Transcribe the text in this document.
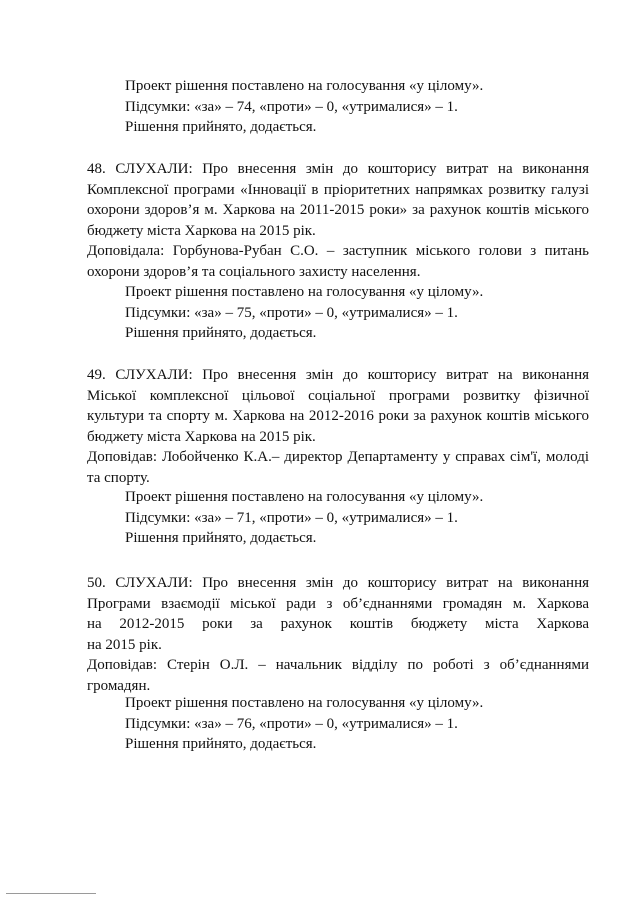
Проект рішення поставлено на голосування «у цілому».
Підсумки: «за» – 74, «проти» – 0, «утрималися» – 1.
Рішення прийнято, додається.
48. СЛУХАЛИ: Про внесення змін до кошторису витрат на виконання
Комплексної програми «Інновації в пріоритетних напрямках розвитку галузі
охорони здоров’я м. Харкова на 2011-2015 роки» за рахунок коштів міського
бюджету міста Харкова на 2015 рік.
Доповідала: Горбунова-Рубан С.О. – заступник міського голови з питань
охорони здоров’я та соціального захисту населення.
Проект рішення поставлено на голосування «у цілому».
Підсумки: «за» – 75, «проти» – 0, «утрималися» – 1.
Рішення прийнято, додається.
49. СЛУХАЛИ: Про внесення змін до кошторису витрат на виконання
Міської комплексної цільової соціальної програми розвитку фізичної
культури та спорту м. Харкова на 2012-2016 роки за рахунок коштів міського
бюджету міста Харкова на 2015 рік.
Доповідав: Лобойченко К.А.– директор Департаменту у справах сім'ї, молоді
та спорту.
Проект рішення поставлено на голосування «у цілому».
Підсумки: «за» – 71, «проти» – 0, «утрималися» – 1.
Рішення прийнято, додається.
50. СЛУХАЛИ: Про внесення змін до кошторису витрат на виконання
Програми взаємодії міської ради з об’єднаннями громадян м. Харкова
на 2012-2015 роки за рахунок коштів бюджету міста Харкова
на 2015 рік.
Доповідав: Стерін О.Л. – начальник відділу по роботі з об’єднаннями
громадян.
Проект рішення поставлено на голосування «у цілому».
Підсумки: «за» – 76, «проти» – 0, «утрималися» – 1.
Рішення прийнято, додається.
